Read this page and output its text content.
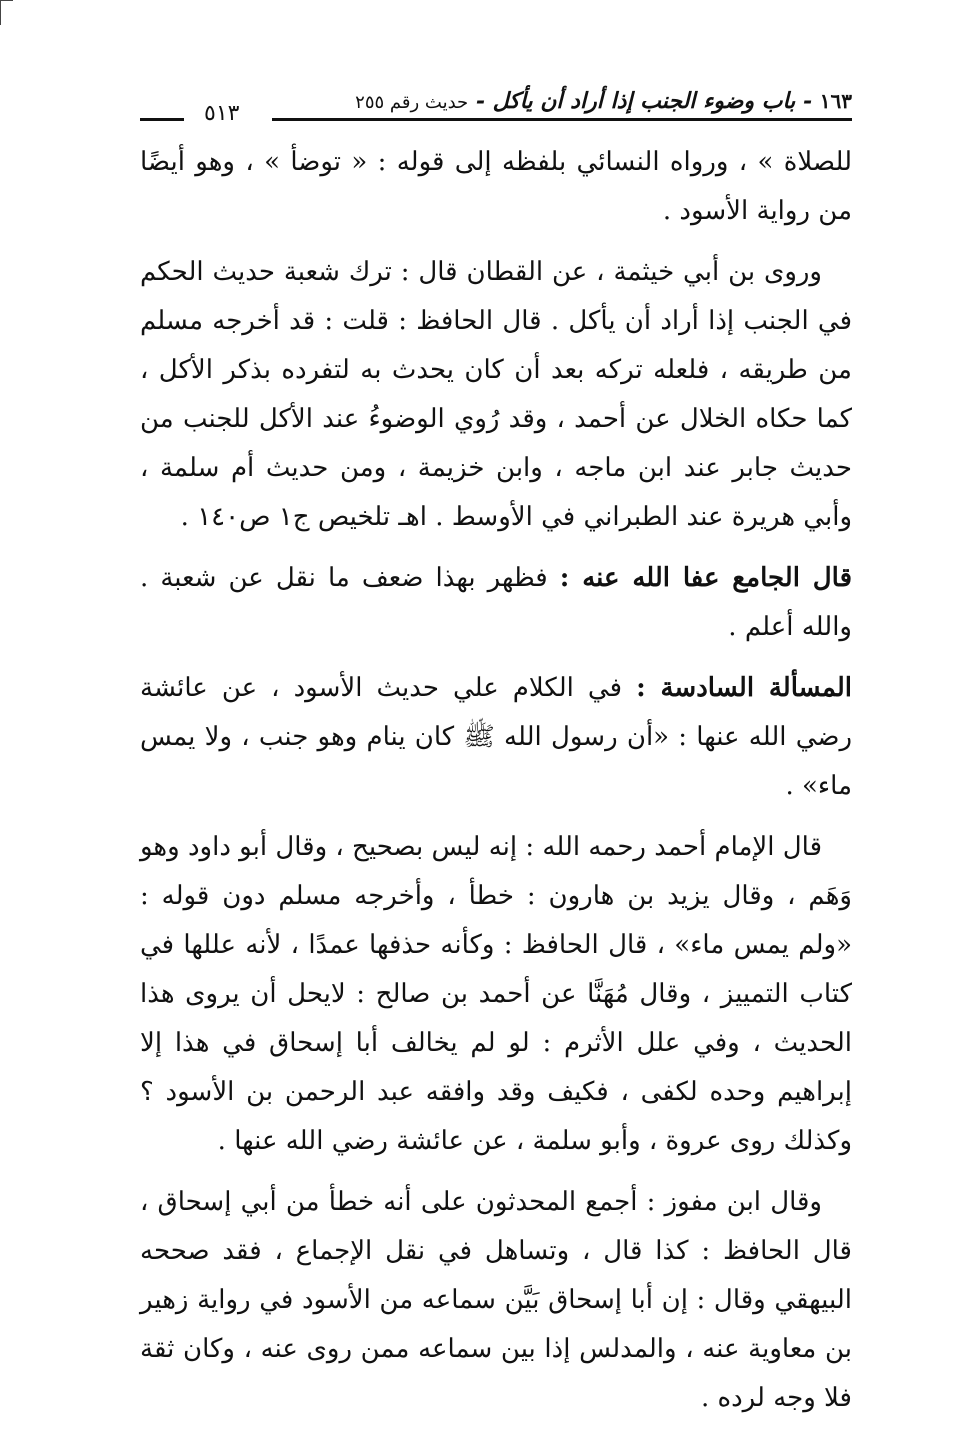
١٦٣ - باب وضوء الجنب إذا أراد أن يأكل - حديث رقم ٢٥٥
٥١٣

للصلاة » ، ورواه النسائي بلفظه إلى قوله : « توضأ » ، وهو أيضًا من رواية الأسود .

وروى بن أبي خيثمة ، عن القطان قال : ترك شعبة حديث الحكم في الجنب إذا أراد أن يأكل . قال الحافظ : قلت : قد أخرجه مسلم من طريقه ، فلعله تركه بعد أن كان يحدث به لتفرده بذكر الأكل ، كما حكاه الخلال عن أحمد ، وقد رُوي الوضوءُ عند الأكل للجنب من حديث جابر عند ابن ماجه ، وابن خزيمة ، ومن حديث أم سلمة ، وأبي هريرة عند الطبراني في الأوسط . اهـ تلخيص ج١ ص١٤٠ .

قال الجامع عفا الله عنه : فظهر بهذا ضعف ما نقل عن شعبة . والله أعلم .

المسألة السادسة : في الكلام علي حديث الأسود ، عن عائشة رضي الله عنها : «أن رسول الله ﷺ كان ينام وهو جنب ، ولا يمس ماء» .

قال الإمام أحمد رحمه الله : إنه ليس بصحيح ، وقال أبو داود وهو وَهَم ، وقال يزيد بن هارون : خطأ ، وأخرجه مسلم دون قوله : «ولم يمس ماء» ، قال الحافظ : وكأنه حذفها عمدًا ، لأنه عللها في كتاب التمييز ، وقال مُهَنَّا عن أحمد بن صالح : لايحل أن يروى هذا الحديث ، وفي علل الأثرم : لو لم يخالف أبا إسحاق في هذا إلا إبراهيم وحده لكفى ، فكيف وقد وافقه عبد الرحمن بن الأسود ؟ وكذلك روى عروة ، وأبو سلمة ، عن عائشة رضي الله عنها .

وقال ابن مفوز : أجمع المحدثون على أنه خطأ من أبي إسحاق ، قال الحافظ : كذا قال ، وتساهل في نقل الإجماع ، فقد صححه البيهقي وقال : إن أبا إسحاق بَيَّن سماعه من الأسود في رواية زهير بن معاوية عنه ، والمدلس إذا بين سماعه ممن روى عنه ، وكان ثقة فلا وجه لرده .
